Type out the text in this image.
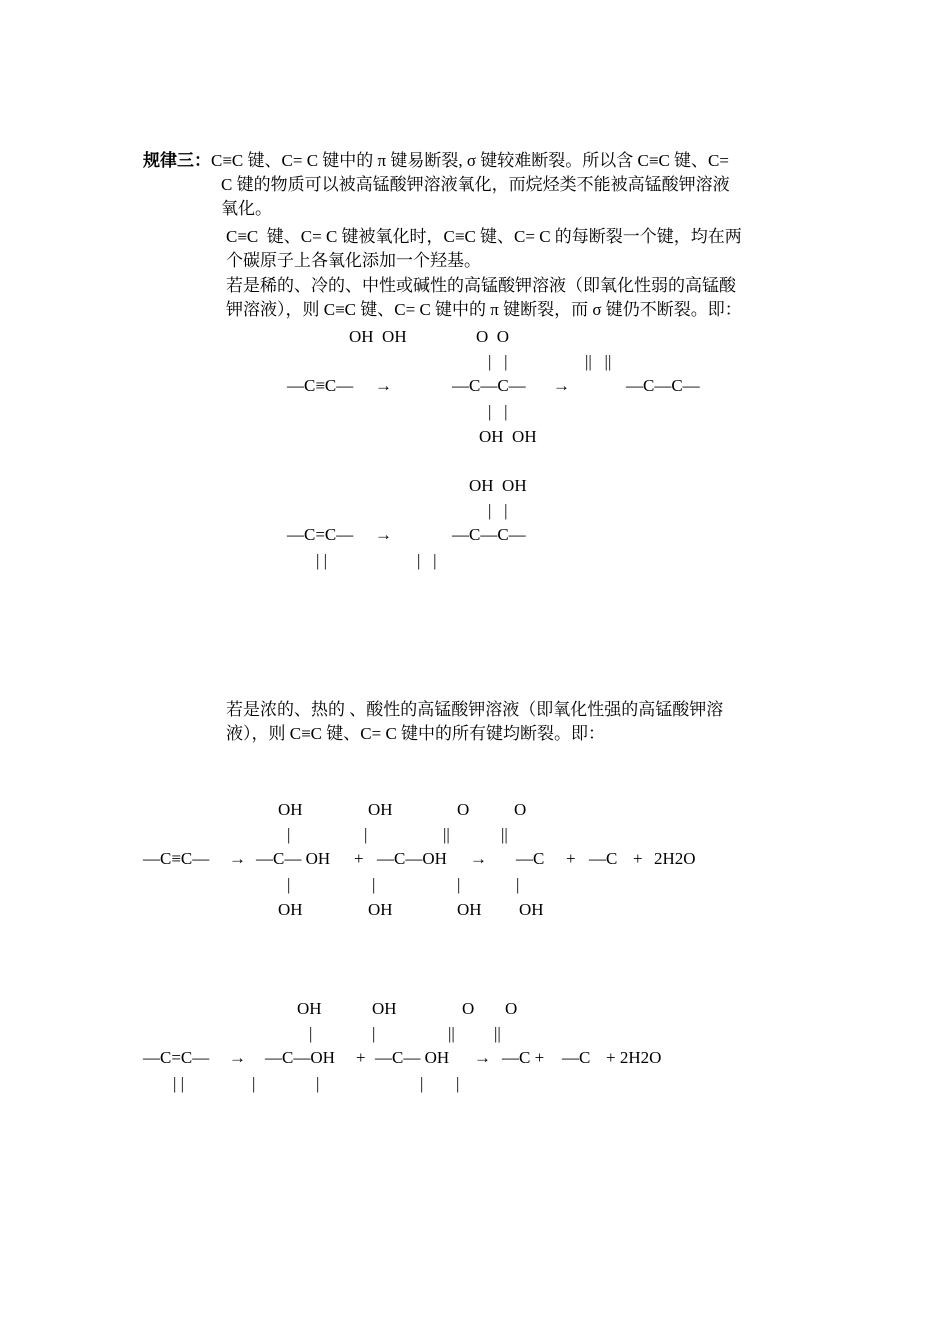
规律三：C≡C 键、C= C 键中的 π 键易断裂, σ 键较难断裂。所以含 C≡C 键、C=
C 键的物质可以被高锰酸钾溶液氧化，而烷烃类不能被高锰酸钾溶液
氧化。
C≡C  键、C= C 键被氧化时，C≡C 键、C= C 的每断裂一个键，均在两
个碳原子上各氧化添加一个羟基。
若是稀的、冷的、中性或碱性的高锰酸钾溶液（即氧化性弱的高锰酸
钾溶液），则 C≡C 键、C= C 键中的 π 键断裂，而 σ 键仍不断裂。即：
若是浓的、热的 、酸性的高锰酸钾溶液（即氧化性强的高锰酸钾溶
液），则 C≡C 键、C= C 键中的所有键均断裂。即：
OH  OH	O  O
|   |	||   ||
—C≡C— →	—C—C— →	—C—C—
|   |
OH  OH
OH  OH
|   |
—C=C— →	—C—C—
| |	|   |
OH	OH	O	O
|	|	||	||
—C≡C— → —C— OH + —C—OH → —C + —C + 2H2O
|	|	|	|
OH	OH	OH OH
OH	OH	O O
|	|	|| ||
—C=C— → —C—OH + —C— OH → —C + —C + 2H2O
| |	|	|	| |
